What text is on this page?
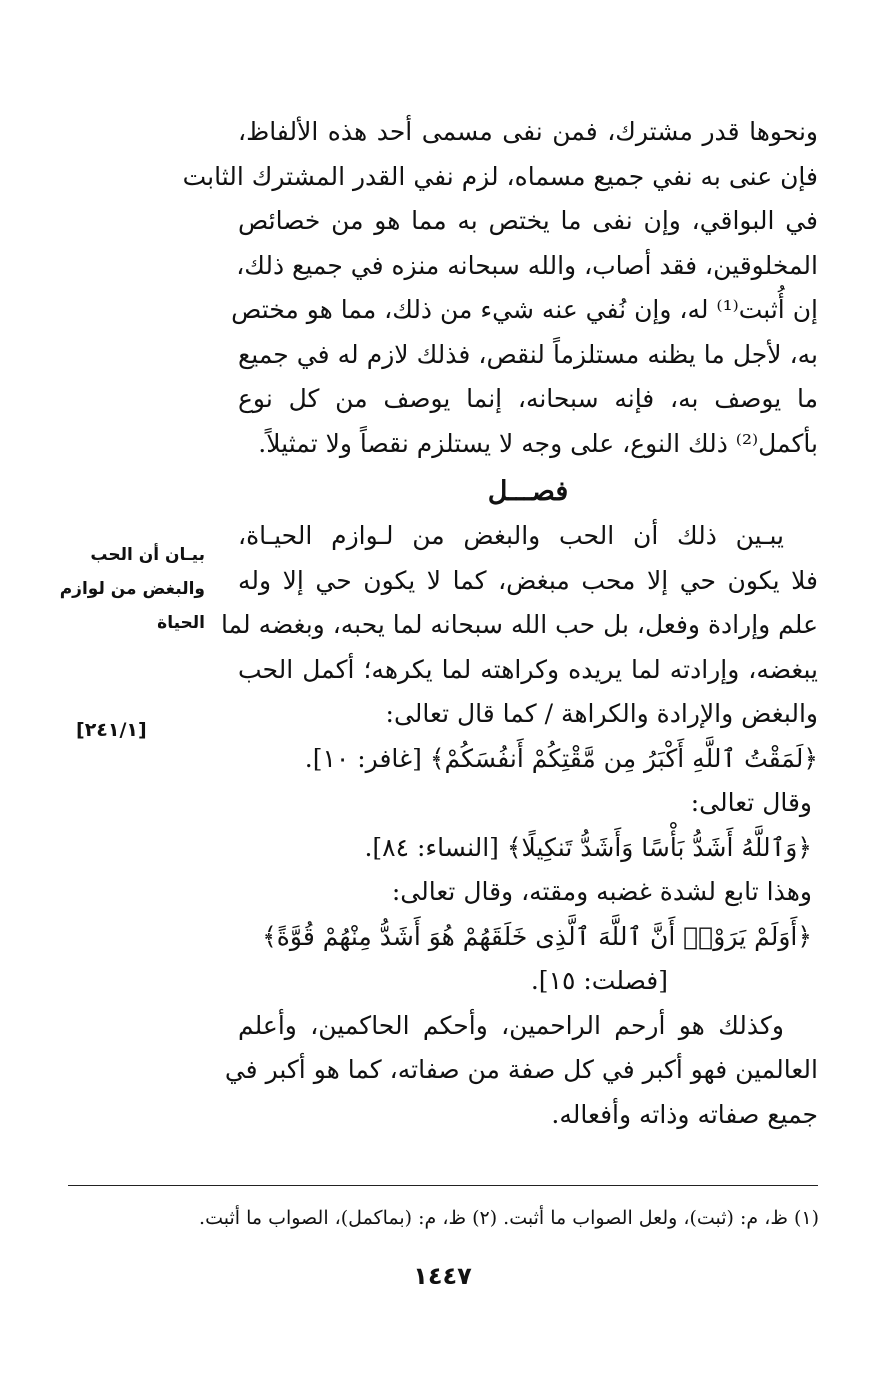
ونحوها قدر مشترك، فمن نفى مسمى أحد هذه الألفاظ،
فإن عنى به نفي جميع مسماه، لزم نفي القدر المشترك الثابت
في البواقي، وإن نفى ما يختص به مما هو من خصائص
المخلوقين، فقد أصاب، والله سبحانه منزه في جميع ذلك،
إن أُثبت⁽¹⁾ له، وإن نُفي عنه شيء من ذلك، مما هو مختص
به، لأجل ما يظنه مستلزماً لنقص، فذلك لازم له في جميع
ما يوصف به، فإنه سبحانه، إنما يوصف من كل نوع
بأكمل⁽²⁾ ذلك النوع، على وجه لا يستلزم نقصاً ولا تمثيلاً.
فصـــل
يبـين ذلك أن الحب والبغض من لـوازم الحيـاة،
فلا يكون حي إلا محب مبغض، كما لا يكون حي إلا وله
علم وإرادة وفعل، بل حب الله سبحانه لما يحبه، وبغضه لما
يبغضه، وإرادته لما يريده وكراهته لما يكرهه؛ أكمل الحب
والبغض والإرادة والكراهة / كما قال تعالى:
﴿لَمَقْتُ ٱللَّهِ أَكْبَرُ مِن مَّقْتِكُمْ أَنفُسَكُمْ﴾ [غافر: ١٠].
وقال تعالى:
﴿وَٱللَّهُ أَشَدُّ بَأْسًا وَأَشَدُّ تَنكِيلًا﴾ [النساء: ٨٤].
وهذا تابع لشدة غضبه ومقته، وقال تعالى:
﴿أَوَلَمْ يَرَوْا۟ أَنَّ ٱللَّهَ ٱلَّذِى خَلَقَهُمْ هُوَ أَشَدُّ مِنْهُمْ قُوَّةً﴾
[فصلت: ١٥].
وكذلك هو أرحم الراحمين، وأحكم الحاكمين، وأعلم
العالمين فهو أكبر في كل صفة من صفاته، كما هو أكبر في
جميع صفاته وذاته وأفعاله.
بيـان أن الحب
والبغض من لوازم
الحياة
[٢٤١/١]
(١) ظ، م: (ثبت)، ولعل الصواب ما أثبت. (٢) ظ، م: (بماكمل)، الصواب ما أثبت.
١٤٤٧
